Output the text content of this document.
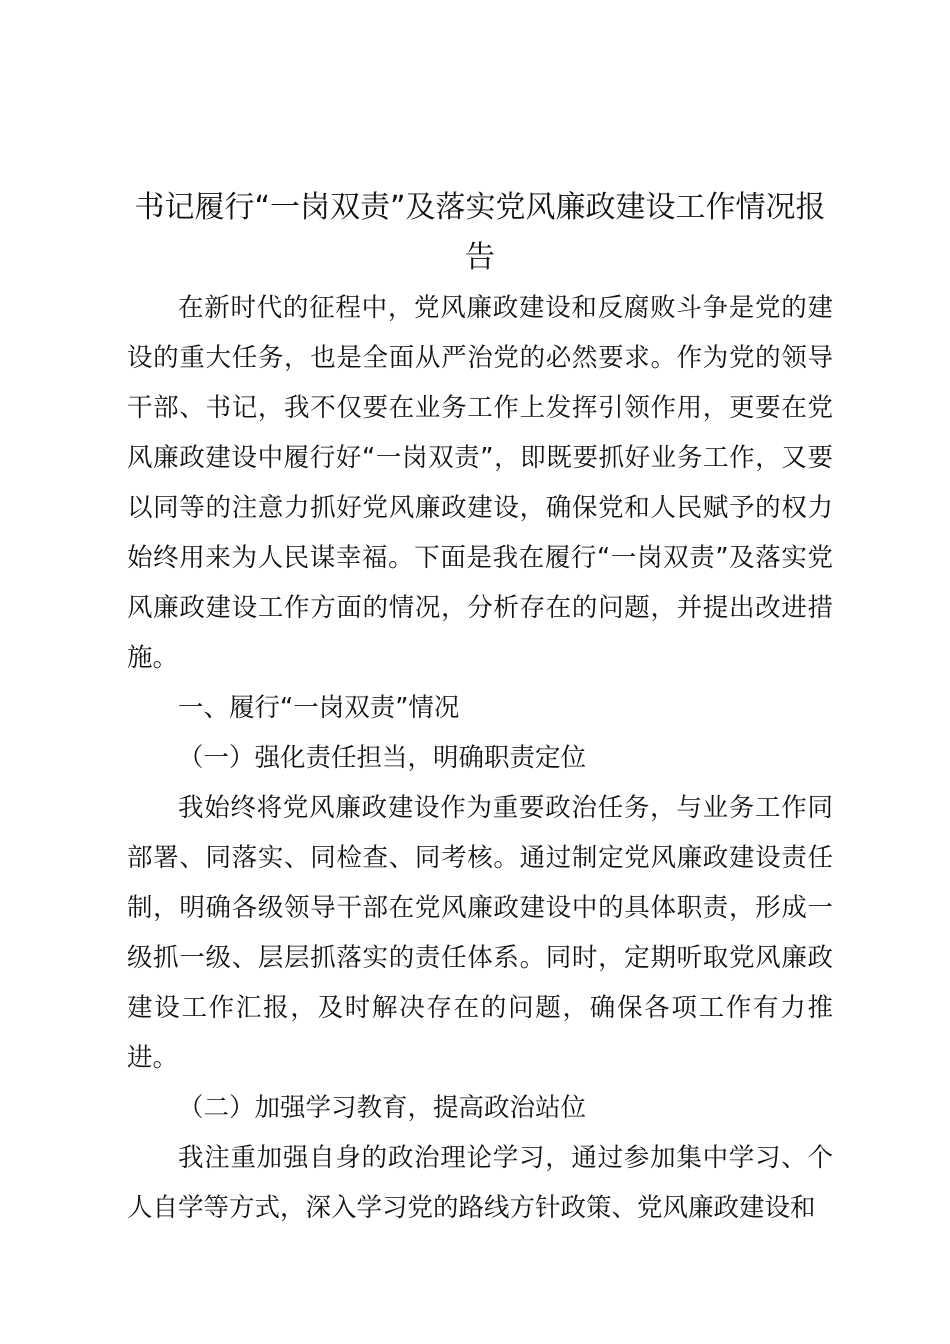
书记履行“一岗双责”及落实党风廉政建设工作情况报告

在新时代的征程中，党风廉政建设和反腐败斗争是党的建设的重大任务，也是全面从严治党的必然要求。作为党的领导干部、书记，我不仅要在业务工作上发挥引领作用，更要在党风廉政建设中履行好“一岗双责”，即既要抓好业务工作，又要以同等的注意力抓好党风廉政建设，确保党和人民赋予的权力始终用来为人民谋幸福。下面是我在履行“一岗双责”及落实党风廉政建设工作方面的情况，分析存在的问题，并提出改进措施。

一、履行“一岗双责”情况

（一）强化责任担当，明确职责定位

我始终将党风廉政建设作为重要政治任务，与业务工作同部署、同落实、同检查、同考核。通过制定党风廉政建设责任制，明确各级领导干部在党风廉政建设中的具体职责，形成一级抓一级、层层抓落实的责任体系。同时，定期听取党风廉政建设工作汇报，及时解决存在的问题，确保各项工作有力推进。

（二）加强学习教育，提高政治站位

我注重加强自身的政治理论学习，通过参加集中学习、个人自学等方式，深入学习党的路线方针政策、党风廉政建设和
